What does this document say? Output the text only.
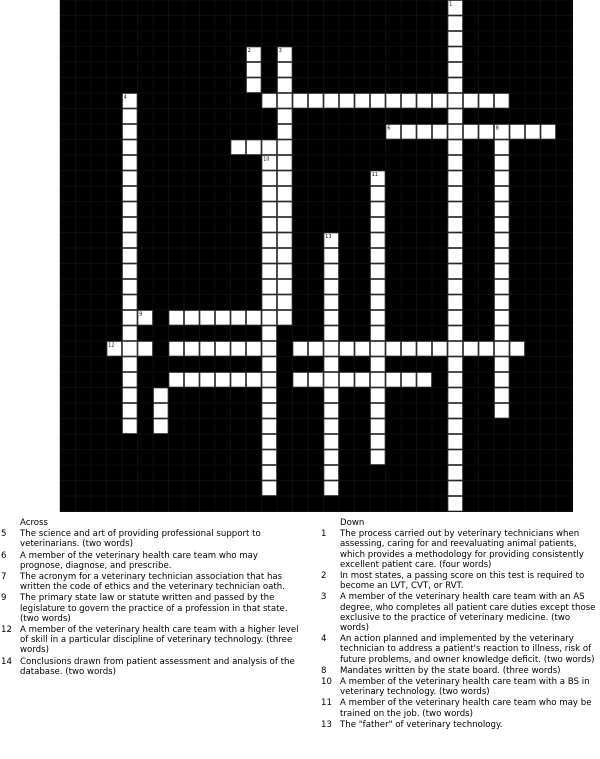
1
2	3
5
4
6	8
7	10
11
13
9
12
14
Across
5	The science and art of providing professional support to veterinarians. (two words)
6	A member of the veterinary health care team who may prognose, diagnose, and prescribe.
7	The acronym for a veterinary technician association that has written the code of ethics and the veterinary technician oath.
9	The primary state law or statute written and passed by the legislature to govern the practice of a profession in that state. (two words)
12 A member of the veterinary health care team with a higher level of skill in a particular discipline of veterinary technology. (three words)
14 Conclusions drawn from patient assessment and analysis of the database. (two words)
Down
1	The process carried out by veterinary technicians when assessing, caring for and reevaluating animal patients, which provides a methodology for providing consistently excellent patient care. (four words)
2	In most states, a passing score on this test is required to become an LVT, CVT, or RVT.
3	A member of the veterinary health care team with an AS degree, who completes all patient care duties except those exclusive to the practice of veterinary medicine. (two words)
4	An action planned and implemented by the veterinary technician to address a patient's reaction to illness, risk of future problems, and owner knowledge deficit. (two words)
8	Mandates written by the state board. (three words)
10 A member of the veterinary health care team with a BS in veterinary technology. (two words)
11 A member of the veterinary health care team who may be trained on the job. (two words)
13 The "father" of veterinary technology.
